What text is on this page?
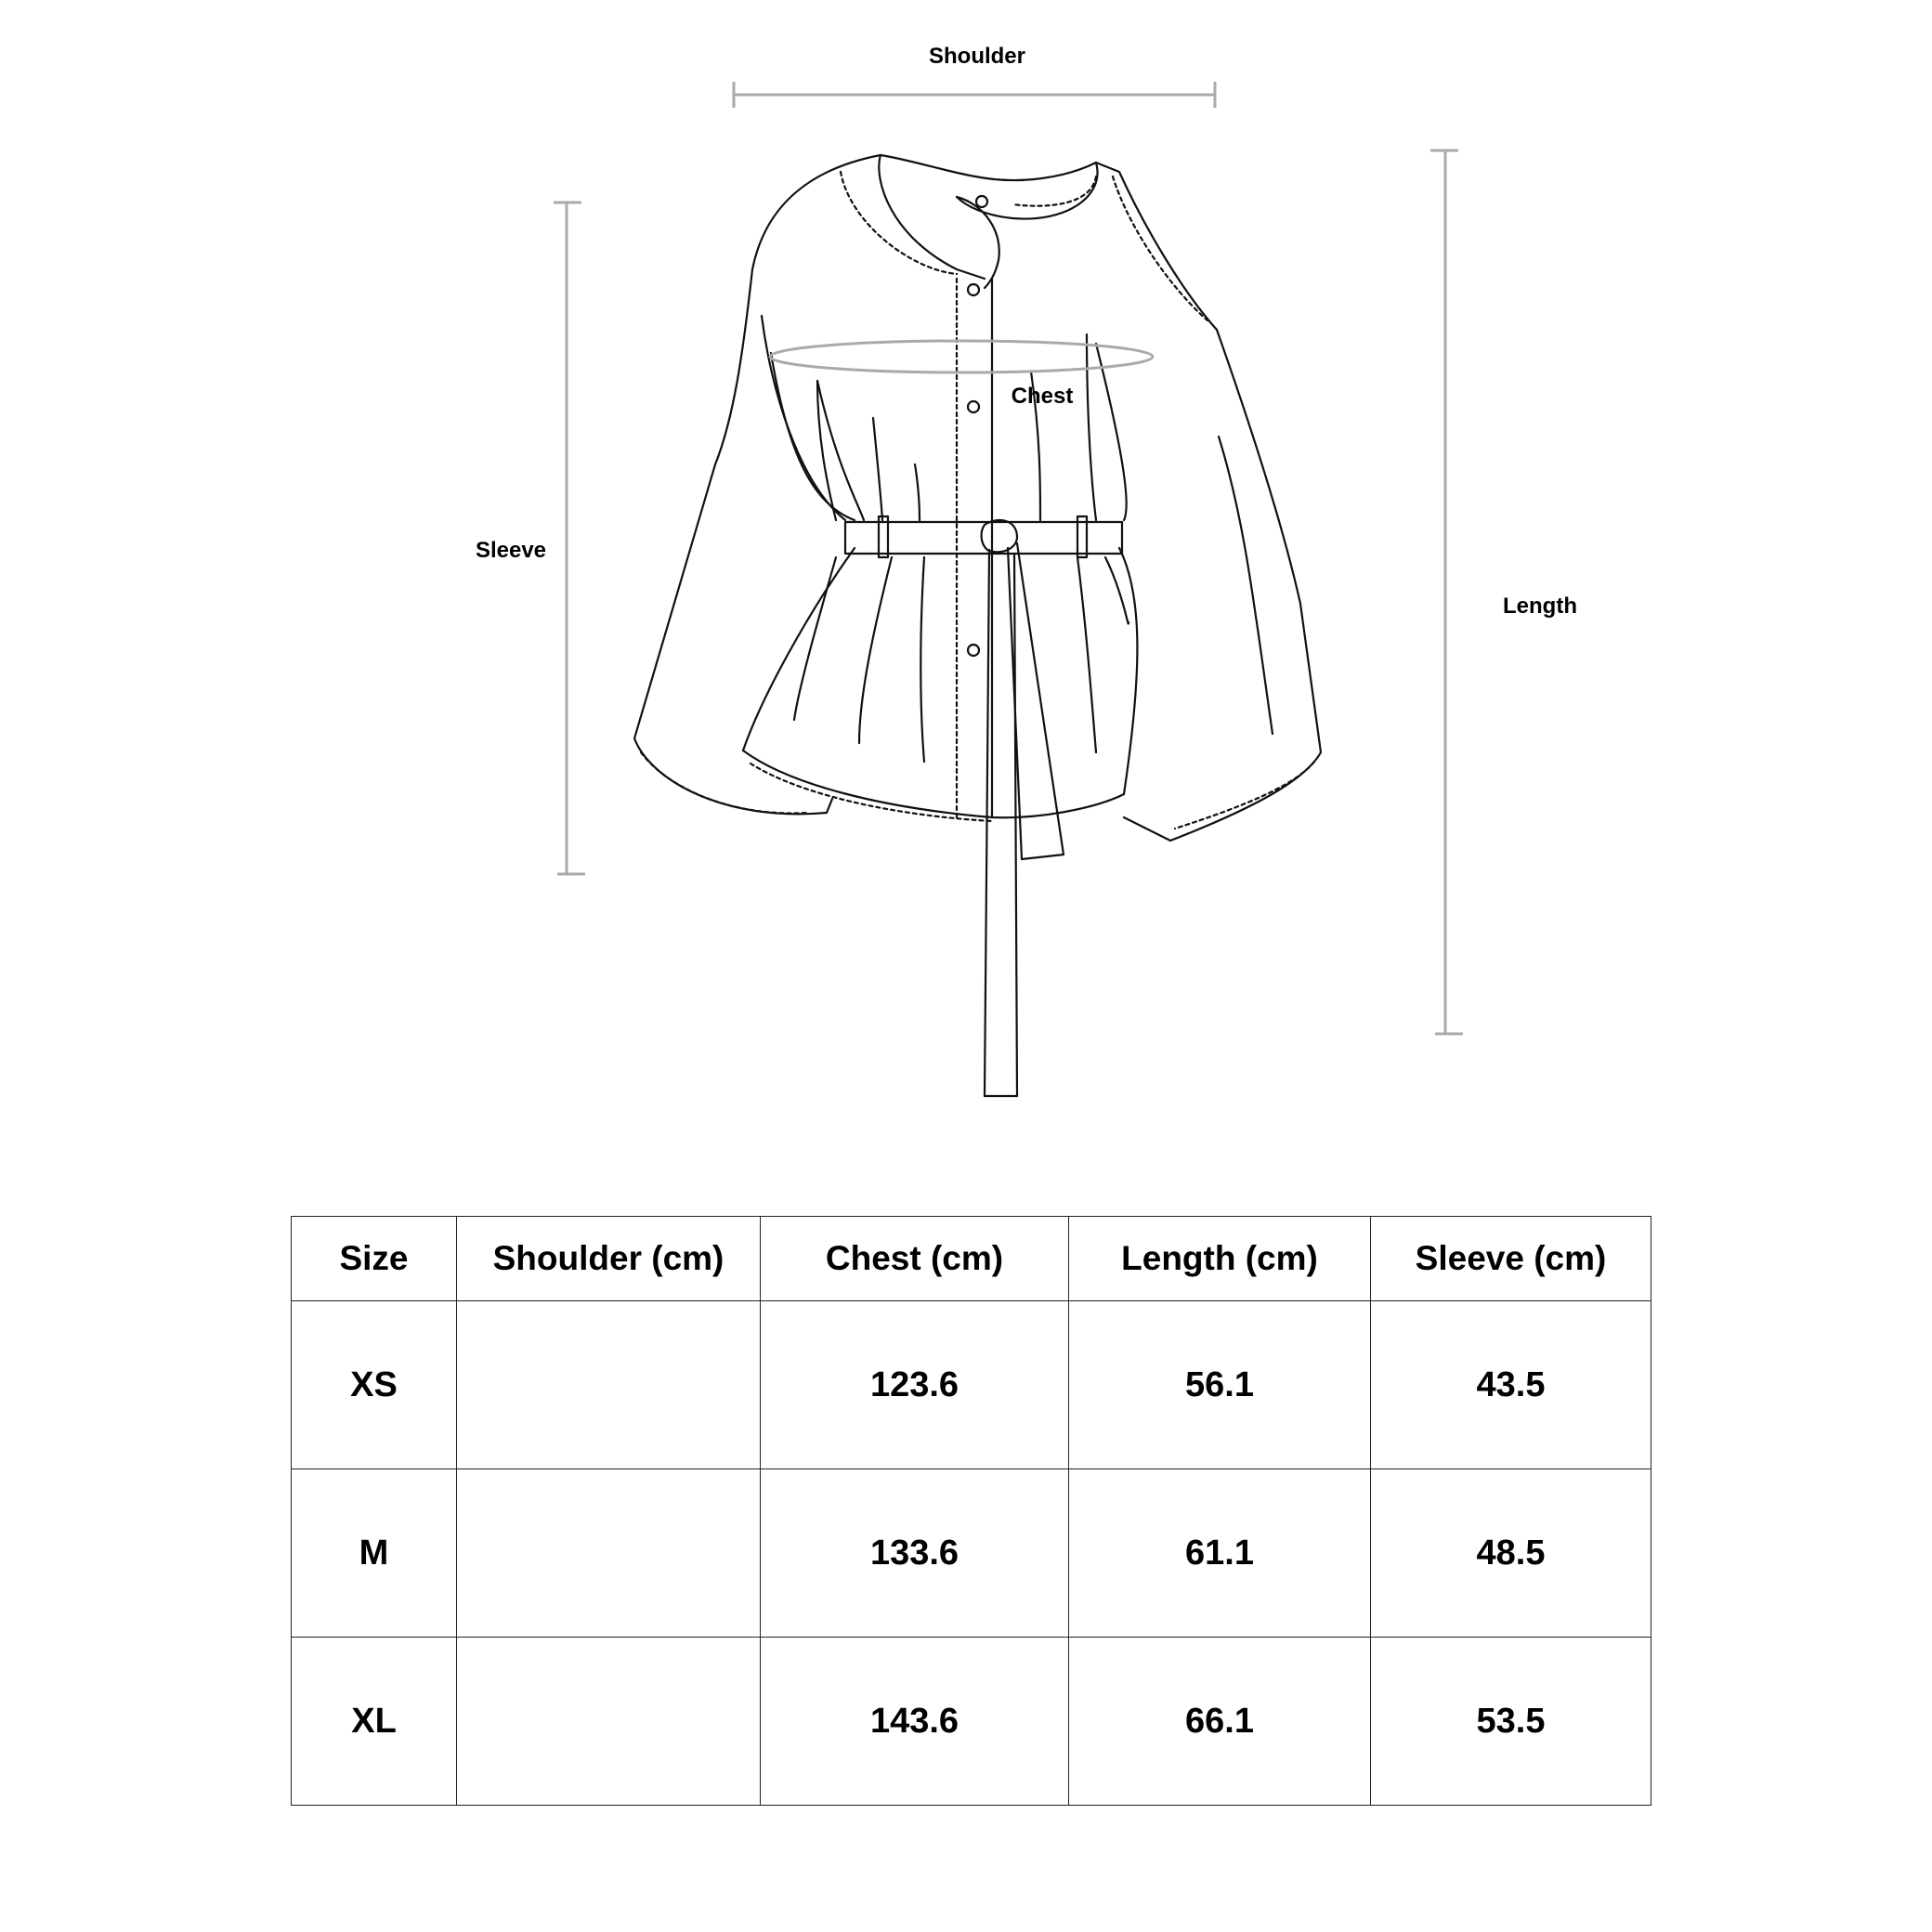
Shoulder
Sleeve
Length
Chest
Size	Shoulder (cm)	Chest (cm)	Length (cm)	Sleeve (cm)
XS		123.6	56.1	43.5
M		133.6	61.1	48.5
XL		143.6	66.1	53.5
